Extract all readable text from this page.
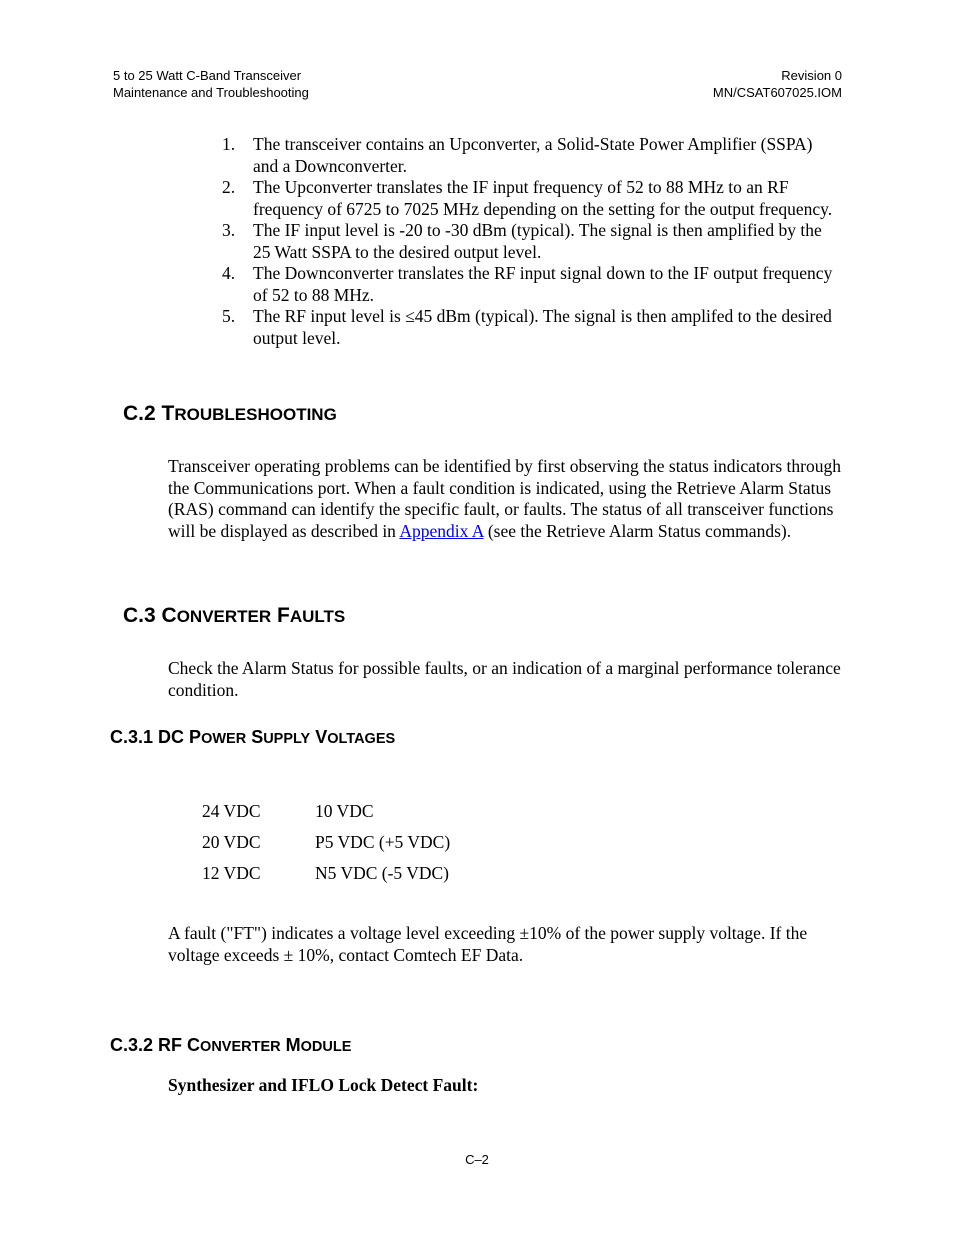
5 to 25 Watt C-Band Transceiver
Maintenance and Troubleshooting
Revision 0
MN/CSAT607025.IOM
1. The transceiver contains an Upconverter, a Solid-State Power Amplifier (SSPA) and a Downconverter.
2. The Upconverter translates the IF input frequency of 52 to 88 MHz to an RF frequency of 6725 to 7025 MHz depending on the setting for the output frequency.
3. The IF input level is -20 to -30 dBm (typical). The signal is then amplified by the 25 Watt SSPA to the desired output level.
4. The Downconverter translates the RF input signal down to the IF output frequency of 52 to 88 MHz.
5. The RF input level is ≤45 dBm (typical). The signal is then amplifed to the desired output level.
C.2 TROUBLESHOOTING

Transceiver operating problems can be identified by first observing the status indicators through the Communications port. When a fault condition is indicated, using the Retrieve Alarm Status (RAS) command can identify the specific fault, or faults. The status of all transceiver functions will be displayed as described in Appendix A (see the Retrieve Alarm Status commands).

C.3 CONVERTER FAULTS

Check the Alarm Status for possible faults, or an indication of a marginal performance tolerance condition.

C.3.1 DC POWER SUPPLY VOLTAGES
24 VDC	10 VDC
20 VDC	P5 VDC (+5 VDC)
12 VDC	N5 VDC (-5 VDC)

A fault ("FT") indicates a voltage level exceeding ±10% of the power supply voltage. If the voltage exceeds ± 10%, contact Comtech EF Data.

C.3.2 RF CONVERTER MODULE

Synthesizer and IFLO Lock Detect Fault:

C–2
